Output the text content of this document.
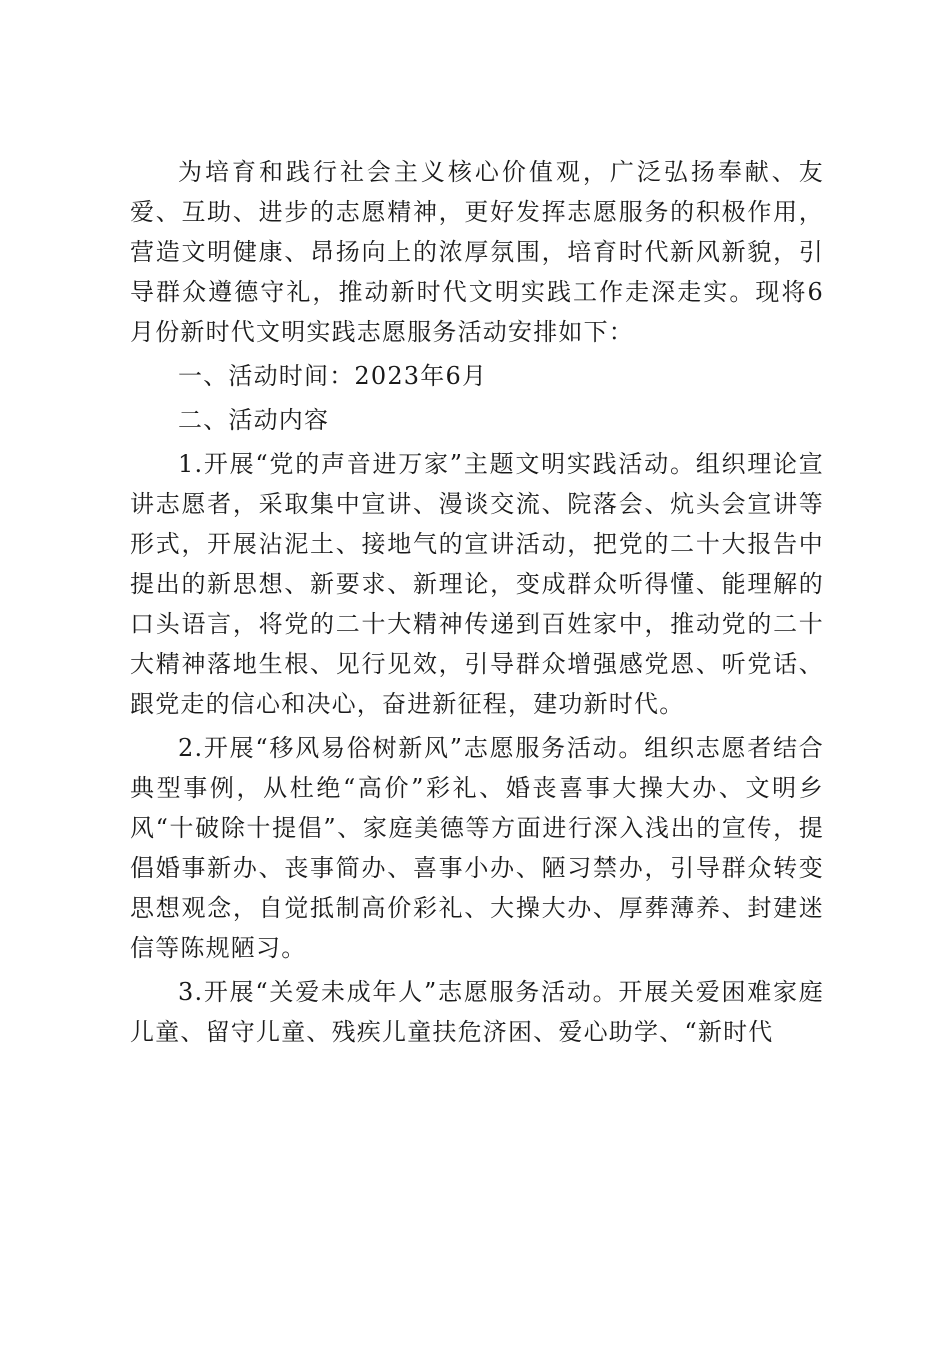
为培育和践行社会主义核心价值观，广泛弘扬奉献、友爱、互助、进步的志愿精神，更好发挥志愿服务的积极作用，营造文明健康、昂扬向上的浓厚氛围，培育时代新风新貌，引导群众遵德守礼，推动新时代文明实践工作走深走实。现将6月份新时代文明实践志愿服务活动安排如下：

一、活动时间：2023年6月

二、活动内容

1.开展“党的声音进万家”主题文明实践活动。组织理论宣讲志愿者，采取集中宣讲、漫谈交流、院落会、炕头会宣讲等形式，开展沾泥土、接地气的宣讲活动，把党的二十大报告中提出的新思想、新要求、新理论，变成群众听得懂、能理解的口头语言，将党的二十大精神传递到百姓家中，推动党的二十大精神落地生根、见行见效，引导群众增强感党恩、听党话、跟党走的信心和决心，奋进新征程，建功新时代。

2.开展“移风易俗树新风”志愿服务活动。组织志愿者结合典型事例，从杜绝“高价”彩礼、婚丧喜事大操大办、文明乡风“十破除十提倡”、家庭美德等方面进行深入浅出的宣传，提倡婚事新办、丧事简办、喜事小办、陋习禁办，引导群众转变思想观念，自觉抵制高价彩礼、大操大办、厚葬薄养、封建迷信等陈规陋习。

3.开展“关爱未成年人”志愿服务活动。开展关爱困难家庭儿童、留守儿童、残疾儿童扶危济困、爱心助学、“新时代
